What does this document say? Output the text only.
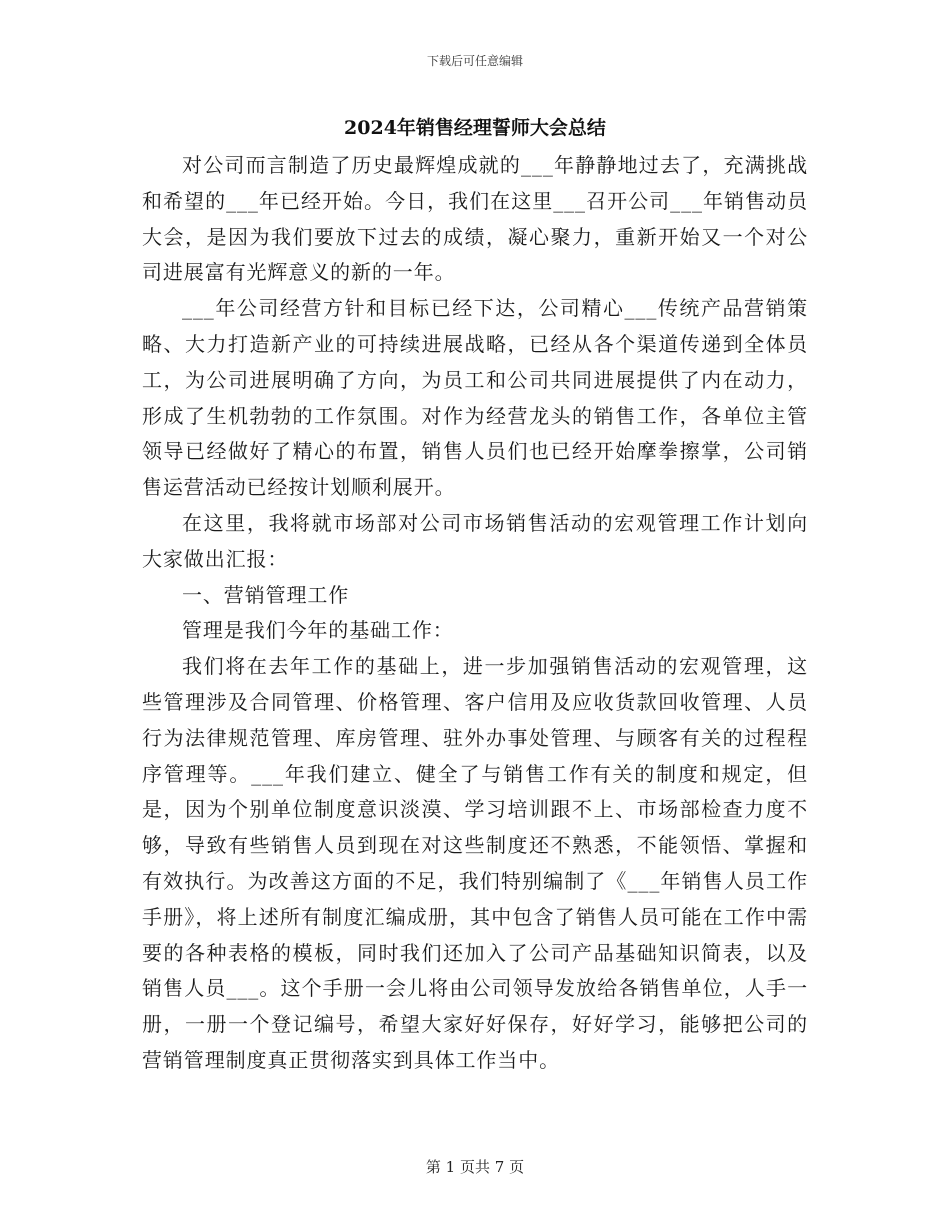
下载后可任意编辑
2024年销售经理誓师大会总结

对公司而言制造了历史最辉煌成就的___年静静地过去了，充满挑战和希望的___年已经开始。今日，我们在这里___召开公司___年销售动员大会，是因为我们要放下过去的成绩，凝心聚力，重新开始又一个对公司进展富有光辉意义的新的一年。

___年公司经营方针和目标已经下达，公司精心___传统产品营销策略、大力打造新产业的可持续进展战略，已经从各个渠道传递到全体员工，为公司进展明确了方向，为员工和公司共同进展提供了内在动力，形成了生机勃勃的工作氛围。对作为经营龙头的销售工作，各单位主管领导已经做好了精心的布置，销售人员们也已经开始摩拳擦掌，公司销售运营活动已经按计划顺利展开。

在这里，我将就市场部对公司市场销售活动的宏观管理工作计划向大家做出汇报：

一、营销管理工作

管理是我们今年的基础工作：

我们将在去年工作的基础上，进一步加强销售活动的宏观管理，这些管理涉及合同管理、价格管理、客户信用及应收货款回收管理、人员行为法律规范管理、库房管理、驻外办事处管理、与顾客有关的过程程序管理等。___年我们建立、健全了与销售工作有关的制度和规定，但是，因为个别单位制度意识淡漠、学习培训跟不上、市场部检查力度不够，导致有些销售人员到现在对这些制度还不熟悉，不能领悟、掌握和有效执行。为改善这方面的不足，我们特别编制了《___年销售人员工作手册》，将上述所有制度汇编成册，其中包含了销售人员可能在工作中需要的各种表格的模板，同时我们还加入了公司产品基础知识简表，以及销售人员___。这个手册一会儿将由公司领导发放给各销售单位，人手一册，一册一个登记编号，希望大家好好保存，好好学习，能够把公司的营销管理制度真正贯彻落实到具体工作当中。

第 1 页共 7 页
